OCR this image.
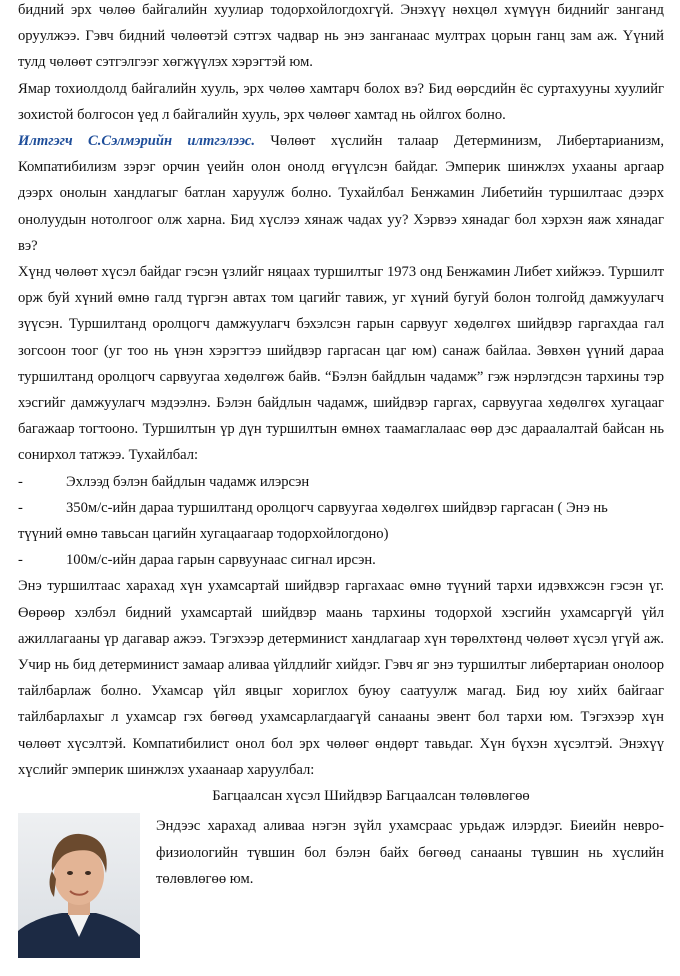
бидний эрх чөлөө байгалийн хуулиар тодорхойлогдохгүй. Энэхүү нөхцөл хүмүүн биднийг занганд оруулжээ. Гэвч бидний чөлөөтэй сэтгэх чадвар нь энэ занганаас мултрах цорын ганц зам аж. Үүний тулд чөлөөт сэтгэлгээг хөгжүүлэх хэрэгтэй юм.

Ямар тохиолдолд байгалийн хууль, эрх чөлөө хамтарч болох вэ? Бид өөрсдийн ёс суртахууны хуулийг зохистой болгосон үед л байгалийн хууль, эрх чөлөөг хамтад нь ойлгох болно.

Илтгэгч С.Сэлмэрийн илтгэлээс. Чөлөөт хүслийн талаар Детерминизм, Либертарианизм, Компатибилизм зэрэг орчин үеийн олон онолд өгүүлсэн байдаг. Эмперик шинжлэх ухааны аргаар дээрх онолын хандлагыг батлан харуулж болно. Тухайлбал Бенжамин Либетийн туршилтаас дээрх онолуудын нотолгоог олж харна. Бид хүслээ хянаж чадах уу? Хэрвээ хянадаг бол хэрхэн яаж хянадаг вэ?

Хүнд чөлөөт хүсэл байдаг гэсэн үзлийг няцаах туршилтыг 1973 онд Бенжамин Либет хийжээ. Туршилт орж буй хүний өмнө галд түргэн автах том цагийг тавиж, уг хүний бугуй болон толгойд дамжуулагч зүүсэн. Туршилтанд оролцогч дамжуулагч бэхэлсэн гарын сарвууг хөдөлгөх шийдвэр гаргахдаа гал зогсоон тоог (уг тоо нь үнэн хэрэгтээ шийдвэр гаргасан цаг юм) санаж байлаа. Зөвхөн үүний дараа туршилтанд оролцогч сарвуугаа хөдөлгөж байв. “Бэлэн байдлын чадамж” гэж нэрлэгдсэн тархины тэр хэсгийг дамжуулагч мэдээлнэ. Бэлэн байдлын чадамж, шийдвэр гаргах, сарвуугаа хөдөлгөх хугацааг багажаар тогтооно. Туршилтын үр дүн туршилтын өмнөх таамаглалаас өөр дэс дараалалтай байсан нь сонирхол татжээ. Тухайлбал:

-	Эхлээд бэлэн байдлын чадамж илэрсэн
-	350м/с-ийн дараа туршилтанд оролцогч сарвуугаа хөдөлгөх шийдвэр гаргасан ( Энэ нь
түүний өмнө тавьсан цагийн хугацаагаар тодорхойлогдоно)
-	100м/с-ийн дараа гарын сарвуунаас сигнал ирсэн.

Энэ туршилтаас харахад хүн ухамсартай шийдвэр гаргахаас өмнө түүний тархи идэвхжсэн гэсэн үг. Өөрөөр хэлбэл бидний ухамсартай шийдвэр маань тархины тодорхой хэсгийн ухамсаргүй үйл ажиллагааны үр дагавар ажээ. Тэгэхээр детерминист хандлагаар хүн төрөлхтөнд чөлөөт хүсэл үгүй аж. Учир нь бид детерминист замаар аливаа үйлдлийг хийдэг. Гэвч яг энэ туршилтыг либертариан онолоор тайлбарлаж болно. Ухамсар үйл явцыг хориглох буюу саатуулж магад. Бид юу хийх байгааг тайлбарлахыг л ухамсар гэх бөгөөд ухамсарлагдаагүй санааны эвент бол тархи юм. Тэгэхээр хүн чөлөөт хүсэлтэй. Компатибилист онол бол эрх чөлөөг өндөрт тавьдаг. Хүн бүхэн хүсэлтэй. Энэхүү хүслийг эмперик шинжлэх ухаанаар харуулбал:

Багцаалсан хүсэл Шийдвэр Багцаалсан төлөвлөгөө

Эндээс харахад аливаа нэгэн зүйл ухамсраас урьдаж илэрдэг. Биеийн невро-физиологийн түвшин бол бэлэн байх бөгөөд санааны түвшин нь хүслийн төлөвлөгөө юм.
